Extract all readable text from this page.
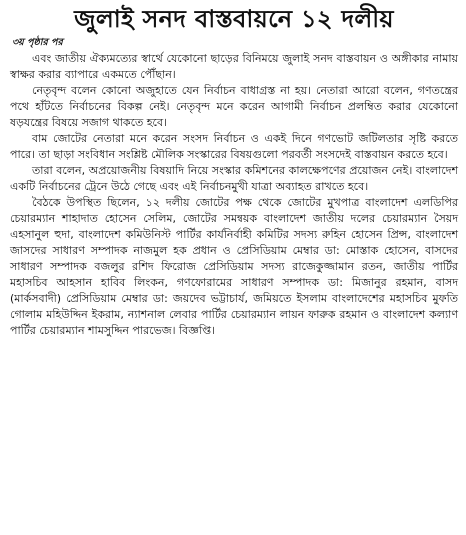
জুলাই সনদ বাস্তবায়নে ১২ দলীয়
৩য় পৃষ্ঠার পর

এবং জাতীয় ঐক্যমত্যের স্বার্থে যেকোনো ছাড়ের বিনিময়ে জুলাই সনদ বাস্তবায়ন ও অঙ্গীকার নামায় স্বাক্ষর করার ব্যাপারে একমতে পৌঁছান।

নেতৃবৃন্দ বলেন কোনো অজুহাতে যেন নির্বাচন বাধাগ্রস্ত না হয়। নেতারা আরো বলেন, গণতন্ত্রের পথে হাঁটতে নির্বাচনের বিকল্প নেই। নেতৃবৃন্দ মনে করেন আগামী নির্বাচন প্রলম্বিত করার যেকোনো ষড়যন্ত্রের বিষয়ে সজাগ থাকতে হবে।

বাম জোটের নেতারা মনে করেন সংসদ নির্বাচন ও একই দিনে গণভোট জটিলতার সৃষ্টি করতে পারে। তা ছাড়া সংবিধান সংশ্লিষ্ট মৌলিক সংস্কারের বিষয়গুলো পরবর্তী সংসদেই বাস্তবায়ন করতে হবে।

তারা বলেন, অপ্রয়োজনীয় বিষয়াদি নিয়ে সংস্কার কমিশনের কালক্ষেপণের প্রয়োজন নেই। বাংলাদেশ একটি নির্বাচনের ট্রেনে উঠে গেছে এবং এই নির্বাচনমুখী যাত্রা অব্যাহত রাখতে হবে।

বৈঠকে উপস্থিত ছিলেন, ১২ দলীয় জোটের পক্ষ থেকে জোটের মুখপাত্র বাংলাদেশ এলডিপির চেয়ারম্যান শাহাদাত হোসেন সেলিম, জোটের সমন্বয়ক বাংলাদেশ জাতীয় দলের চেয়ারম্যান সৈয়দ এহসানুল হুদা, বাংলাদেশ কমিউনিস্ট পার্টির কার্যনির্বাহী কমিটির সদস্য রুহিন হোসেন প্রিন্স, বাংলাদেশ জাসদের সাধারণ সম্পাদক নাজমুল হক প্রধান ও প্রেসিডিয়াম মেম্বার ডা: মোস্তাক হোসেন, বাসদের সাধারণ সম্পাদক বজলুর রশিদ ফিরোজ প্রেসিডিয়াম সদস্য রাজেকুজ্জামান রতন, জাতীয় পার্টির মহাসচিব আহসান হাবিব লিংকন, গণফোরামের সাধারণ সম্পাদক ডা: মিজানুর রহমান, বাসদ (মার্কসবাদী) প্রেসিডিয়াম মেম্বার ডা: জয়দেব ভট্টাচার্য, জমিয়তে ইসলাম বাংলাদেশের মহাসচিব মুফতি গোলাম মহিউদ্দিন ইকরাম, ন্যাশনাল লেবার পার্টির চেয়ারম্যান লায়ন ফারুক রহমান ও বাংলাদেশ কল্যাণ পার্টির চেয়ারম্যান শামসুদ্দিন পারভেজ। বিজ্ঞপ্তি।
